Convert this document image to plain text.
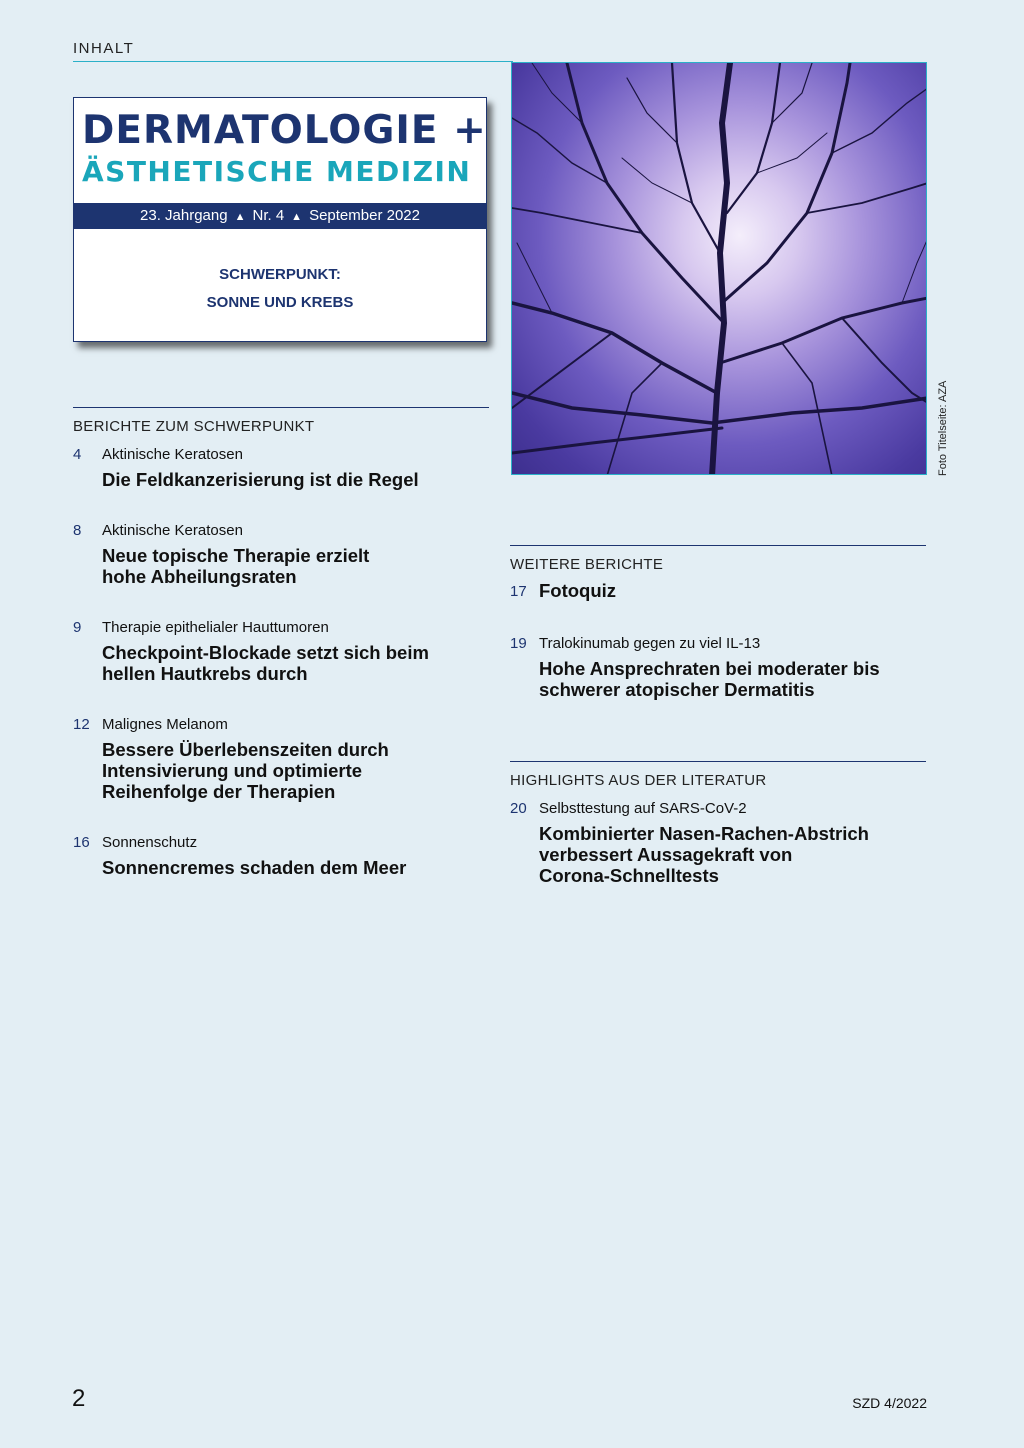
INHALT
DERMATOLOGIE +
ÄSTHETISCHE MEDIZIN
23. Jahrgang ▲ Nr. 4 ▲ September 2022
SCHWERPUNKT:
SONNE UND KREBS
Foto Titelseite: AZA
BERICHTE ZUM SCHWERPUNKT
4 Aktinische Keratosen
Die Feldkanzerisierung ist die Regel
8 Aktinische Keratosen
Neue topische Therapie erzielt
hohe Abheilungsraten
9 Therapie epithelialer Hauttumoren
Checkpoint-Blockade setzt sich beim
hellen Hautkrebs durch
12 Malignes Melanom
Bessere Überlebenszeiten durch
Intensivierung und optimierte
Reihenfolge der Therapien
16 Sonnenschutz
Sonnencremes schaden dem Meer
WEITERE BERICHTE
17 Fotoquiz
19 Tralokinumab gegen zu viel IL-13
Hohe Ansprechraten bei moderater bis
schwerer atopischer Dermatitis
HIGHLIGHTS AUS DER LITERATUR
20 Selbsttestung auf SARS-CoV-2
Kombinierter Nasen-Rachen-Abstrich
verbessert Aussagekraft von
Corona-Schnelltests
2	SZD 4/2022
